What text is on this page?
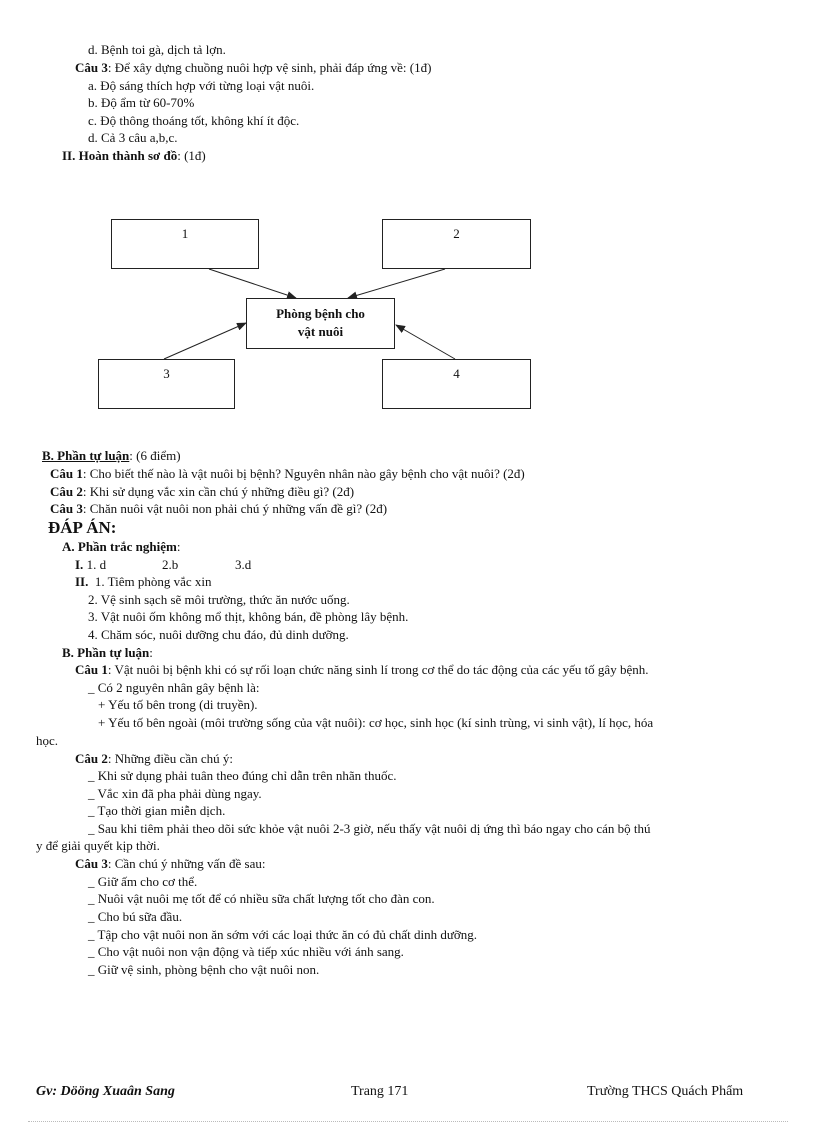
d. Bệnh toi gà, dịch tả lợn.
Câu 3: Để xây dựng chuồng nuôi hợp vệ sinh, phải đáp ứng về: (1đ)
a. Độ sáng thích hợp với từng loại vật nuôi.
b. Độ ẩm từ 60-70%
c. Độ thông thoáng tốt, không khí ít độc.
d. Cả 3 câu a,b,c.
II. Hoàn thành sơ đồ: (1đ)
1	2
Phòng bệnh cho
vật nuôi
3	4
B. Phần tự luận: (6 điểm)
Câu 1: Cho biết thế nào là vật nuôi bị bệnh? Nguyên nhân nào gây bệnh cho vật nuôi? (2đ)
Câu 2: Khi sử dụng vắc xin cần chú ý những điều gì? (2đ)
Câu 3: Chăn nuôi vật nuôi non phải chú ý những vấn đề gì? (2đ)
ĐÁP ÁN:
A. Phần trắc nghiệm:
I. 1. d	2.b	3.d
II. 1. Tiêm phòng vắc xin
2. Vệ sinh sạch sẽ môi trường, thức ăn nước uống.
3. Vật nuôi ốm không mổ thịt, không bán, đề phòng lây bệnh.
4. Chăm sóc, nuôi dưỡng chu đáo, đủ dinh dưỡng.
B. Phần tự luận:
Câu 1: Vật nuôi bị bệnh khi có sự rối loạn chức năng sinh lí trong cơ thể do tác động của các yếu tố gây bệnh.
_ Có 2 nguyên nhân gây bệnh là:
+ Yếu tố bên trong (di truyền).
+ Yếu tố bên ngoài (môi trường sống của vật nuôi): cơ học, sinh học (kí sinh trùng, vi sinh vật), lí học, hóa
học.
Câu 2: Những điều cần chú ý:
_ Khi sử dụng phải tuân theo đúng chỉ dẫn trên nhãn thuốc.
_ Vắc xin đã pha phải dùng ngay.
_ Tạo thời gian miễn dịch.
_ Sau khi tiêm phải theo dõi sức khỏe vật nuôi 2-3 giờ, nếu thấy vật nuôi dị ứng thì báo ngay cho cán bộ thú
y để giải quyết kịp thời.
Câu 3: Cần chú ý những vấn đề sau:
_ Giữ ấm cho cơ thể.
_ Nuôi vật nuôi mẹ tốt để có nhiều sữa chất lượng tốt cho đàn con.
_ Cho bú sữa đầu.
_ Tập cho vật nuôi non ăn sớm với các loại thức ăn có đủ chất dinh dưỡng.
_ Cho vật nuôi non vận động và tiếp xúc nhiều với ánh sang.
_ Giữ vệ sinh, phòng bệnh cho vật nuôi non.
Gv: Dööng Xuaân Sang	Trang 171	Trường THCS Quách Phẩm
